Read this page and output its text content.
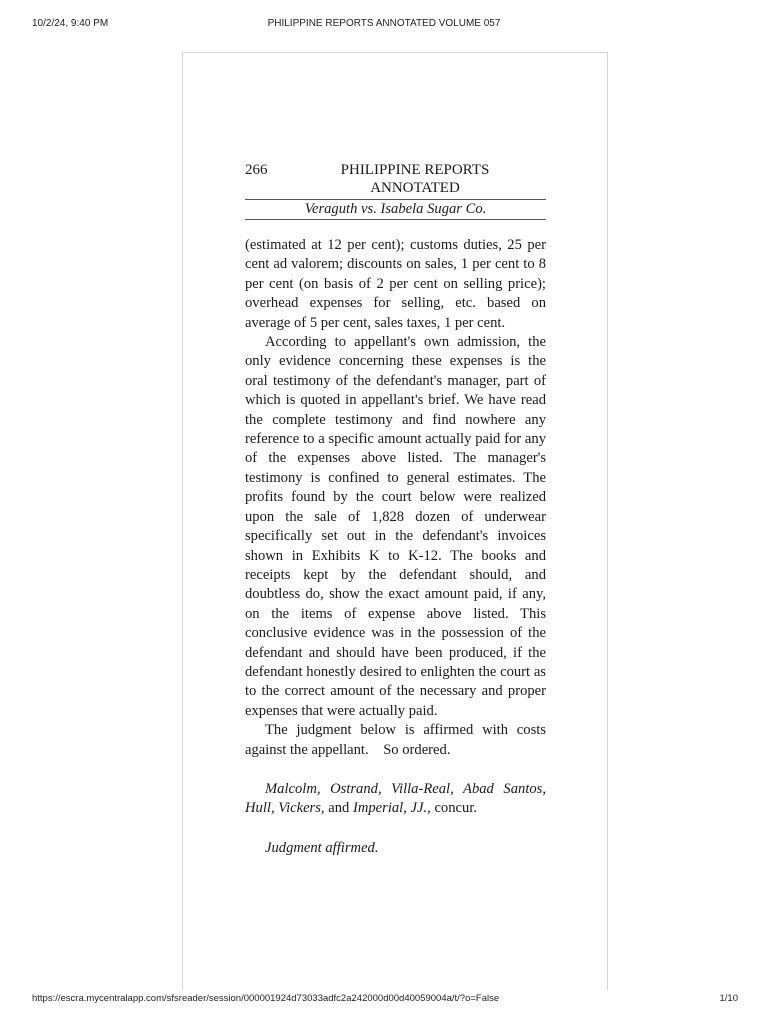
10/2/24, 9:40 PM	PHILIPPINE REPORTS ANNOTATED VOLUME 057
266	PHILIPPINE REPORTS ANNOTATED
Veraguth vs. Isabela Sugar Co.

(estimated at 12 per cent); customs duties, 25 per cent ad valorem; discounts on sales, 1 per cent to 8 per cent (on basis of 2 per cent on selling price); overhead expenses for selling, etc. based on average of 5 per cent, sales taxes, 1 per cent.

According to appellant's own admission, the only evidence concerning these expenses is the oral testimony of the defendant's manager, part of which is quoted in appellant's brief. We have read the complete testimony and find nowhere any reference to a specific amount actually paid for any of the expenses above listed. The manager's testimony is confined to general estimates. The profits found by the court below were realized upon the sale of 1,828 dozen of underwear specifically set out in the defendant's invoices shown in Exhibits K to K-12. The books and receipts kept by the defendant should, and doubtless do, show the exact amount paid, if any, on the items of expense above listed. This conclusive evidence was in the possession of the defendant and should have been produced, if the defendant honestly desired to enlighten the court as to the correct amount of the necessary and proper expenses that were actually paid.

The judgment below is affirmed with costs against the appellant. So ordered.

Malcolm, Ostrand, Villa-Real, Abad Santos, Hull, Vickers, and Imperial, JJ., concur.

Judgment affirmed.

https://escra.mycentralapp.com/sfsreader/session/000001924d73033adfc2a242000d00d40059004a/t/?o=False	1/10
